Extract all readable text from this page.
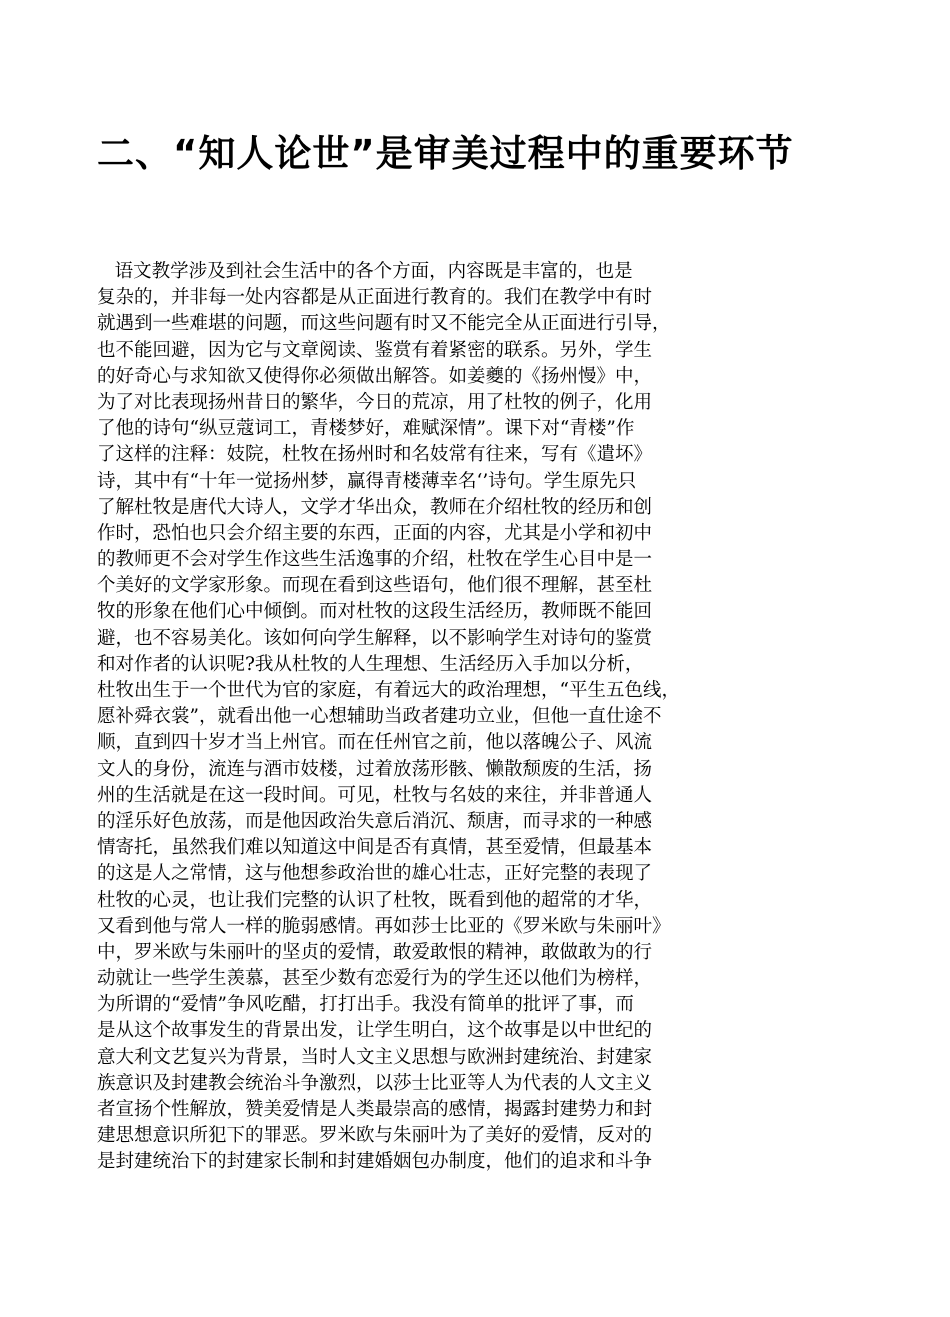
二、“知人论世”是审美过程中的重要环节
语文教学涉及到社会生活中的各个方面，内容既是丰富的，也是
复杂的，并非每一处内容都是从正面进行教育的。我们在教学中有时
就遇到一些难堪的问题，而这些问题有时又不能完全从正面进行引导，
也不能回避，因为它与文章阅读、鉴赏有着紧密的联系。另外，学生
的好奇心与求知欲又使得你必须做出解答。如姜夔的《扬州慢》中，
为了对比表现扬州昔日的繁华，今日的荒凉，用了杜牧的例子，化用
了他的诗句“纵豆蔻词工，青楼梦好，难赋深情”。课下对“青楼”作
了这样的注释：妓院，杜牧在扬州时和名妓常有往来，写有《遣坏》
诗，其中有“十年一觉扬州梦，赢得青楼薄幸名‘’诗句。学生原先只
了解杜牧是唐代大诗人，文学才华出众，教师在介绍杜牧的经历和创
作时，恐怕也只会介绍主要的东西，正面的内容，尤其是小学和初中
的教师更不会对学生作这些生活逸事的介绍，杜牧在学生心目中是一
个美好的文学家形象。而现在看到这些语句，他们很不理解，甚至杜
牧的形象在他们心中倾倒。而对杜牧的这段生活经历，教师既不能回
避，也不容易美化。该如何向学生解释，以不影响学生对诗句的鉴赏
和对作者的认识呢?我从杜牧的人生理想、生活经历入手加以分析，
杜牧出生于一个世代为官的家庭，有着远大的政治理想，“平生五色线，
愿补舜衣裳”，就看出他一心想辅助当政者建功立业，但他一直仕途不
顺，直到四十岁才当上州官。而在任州官之前，他以落魄公子、风流
文人的身份，流连与酒市妓楼，过着放荡形骸、懒散颓废的生活，扬
州的生活就是在这一段时间。可见，杜牧与名妓的来往，并非普通人
的淫乐好色放荡，而是他因政治失意后消沉、颓唐，而寻求的一种感
情寄托，虽然我们难以知道这中间是否有真情，甚至爱情，但最基本
的这是人之常情，这与他想参政治世的雄心壮志，正好完整的表现了
杜牧的心灵，也让我们完整的认识了杜牧，既看到他的超常的才华，
又看到他与常人一样的脆弱感情。再如莎士比亚的《罗米欧与朱丽叶》
中，罗米欧与朱丽叶的坚贞的爱情，敢爱敢恨的精神，敢做敢为的行
动就让一些学生羡慕，甚至少数有恋爱行为的学生还以他们为榜样，
为所谓的“爱情”争风吃醋，打打出手。我没有简单的批评了事，而
是从这个故事发生的背景出发，让学生明白，这个故事是以中世纪的
意大利文艺复兴为背景，当时人文主义思想与欧洲封建统治、封建家
族意识及封建教会统治斗争激烈，以莎士比亚等人为代表的人文主义
者宣扬个性解放，赞美爱情是人类最崇高的感情，揭露封建势力和封
建思想意识所犯下的罪恶。罗米欧与朱丽叶为了美好的爱情，反对的
是封建统治下的封建家长制和封建婚姻包办制度，他们的追求和斗争
